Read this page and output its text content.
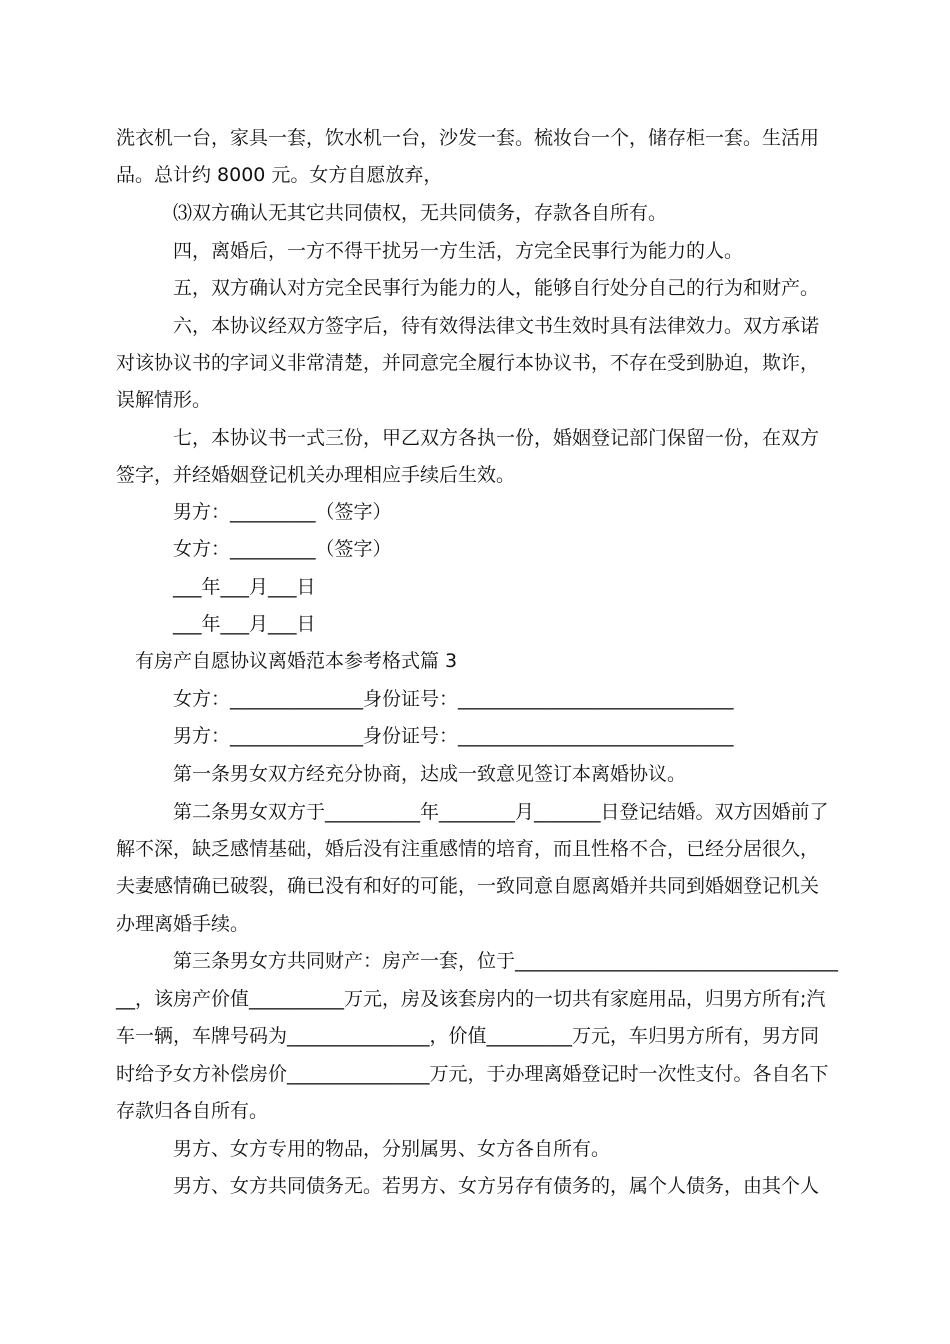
洗衣机一台，家具一套，饮水机一台，沙发一套。梳妆台一个，储存柜一套。生活用
品。总计约 8000 元。女方自愿放弃，
⑶双方确认无其它共同债权，无共同债务，存款各自所有。
四，离婚后，一方不得干扰另一方生活，方完全民事行为能力的人。
五，双方确认对方完全民事行为能力的人，能够自行处分自己的行为和财产。
六，本协议经双方签字后，待有效得法律文书生效时具有法律效力。双方承诺
对该协议书的字词义非常清楚，并同意完全履行本协议书，不存在受到胁迫，欺诈，
误解情形。
七，本协议书一式三份，甲乙双方各执一份，婚姻登记部门保留一份，在双方
签字，并经婚姻登记机关办理相应手续后生效。
男方：_________（签字）
女方：_________（签字）
___年___月___日
___年___月___日
有房产自愿协议离婚范本参考格式篇 3
女方：______________身份证号：_____________________________
男方：______________身份证号：_____________________________
第一条男女双方经充分协商，达成一致意见签订本离婚协议。
第二条男女双方于__________年________月_______日登记结婚。双方因婚前了
解不深，缺乏感情基础，婚后没有注重感情的培育，而且性格不合，已经分居很久，
夫妻感情确已破裂，确已没有和好的可能，一致同意自愿离婚并共同到婚姻登记机关
办理离婚手续。
第三条男女方共同财产：房产一套，位于__________________________________
__，该房产价值__________万元，房及该套房内的一切共有家庭用品，归男方所有;汽
车一辆，车牌号码为_______________，价值_________万元，车归男方所有，男方同
时给予女方补偿房价_______________万元，于办理离婚登记时一次性支付。各自名下
存款归各自所有。
男方、女方专用的物品，分别属男、女方各自所有。
男方、女方共同债务无。若男方、女方另存有债务的，属个人债务，由其个人
